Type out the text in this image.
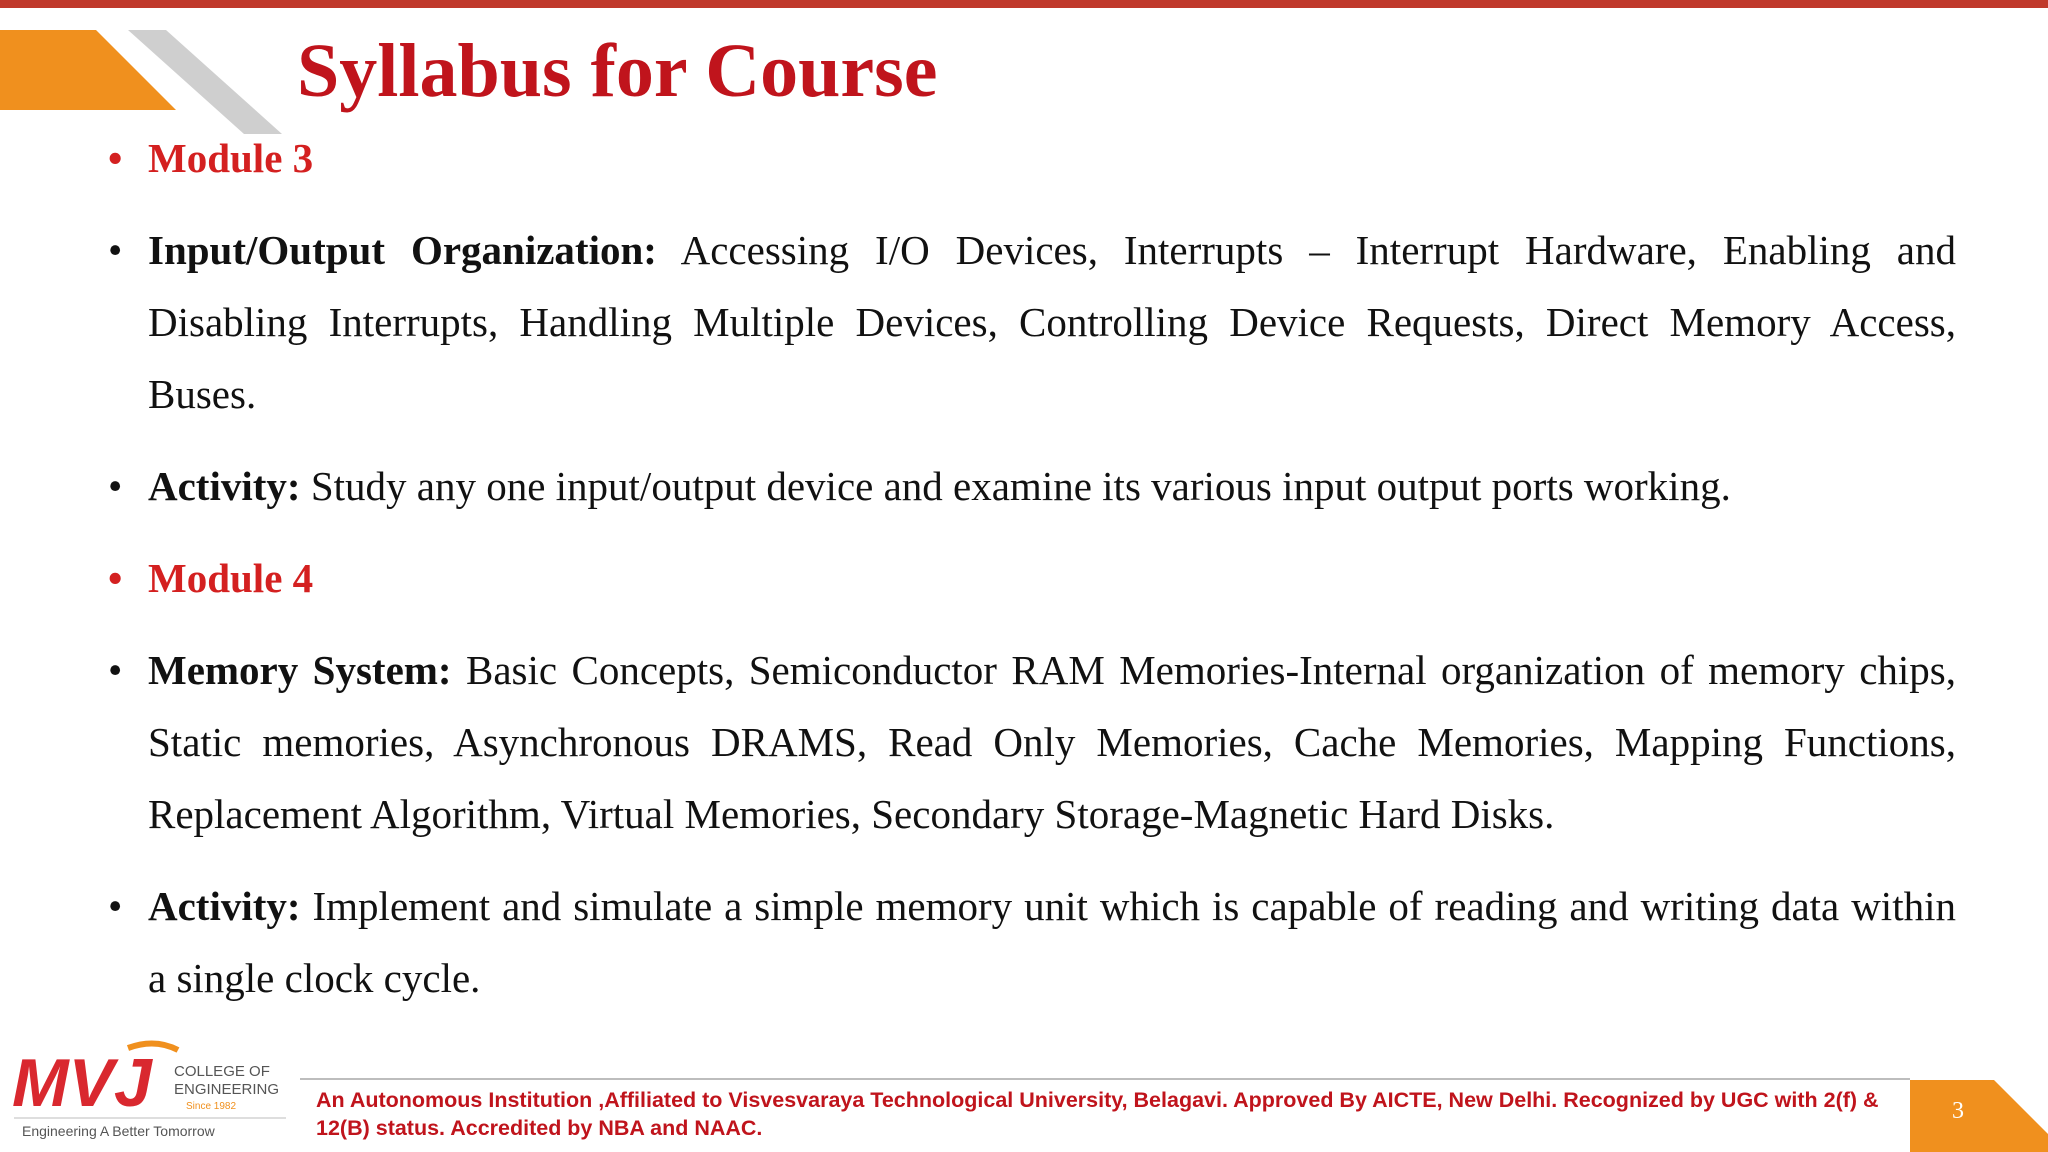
Syllabus for Course
• Module 3
• Input/Output Organization: Accessing I/O Devices, Interrupts – Interrupt Hardware, Enabling and Disabling Interrupts, Handling Multiple Devices, Controlling Device Requests, Direct Memory Access, Buses.
• Activity: Study any one input/output device and examine its various input output ports working.
• Module 4
• Memory System: Basic Concepts, Semiconductor RAM Memories-Internal organization of memory chips, Static memories, Asynchronous DRAMS, Read Only Memories, Cache Memories, Mapping Functions, Replacement Algorithm, Virtual Memories, Secondary Storage-Magnetic Hard Disks.
• Activity: Implement and simulate a simple memory unit which is capable of reading and writing data within a single clock cycle.
MVJ COLLEGE OF
ENGINEERING
Since 1982
Engineering A Better Tomorrow
An Autonomous Institution ,Affiliated to Visvesvaraya Technological University, Belagavi. Approved By AICTE, New Delhi. Recognized by UGC with 2(f) & 12(B) status. Accredited by NBA and NAAC.
3
